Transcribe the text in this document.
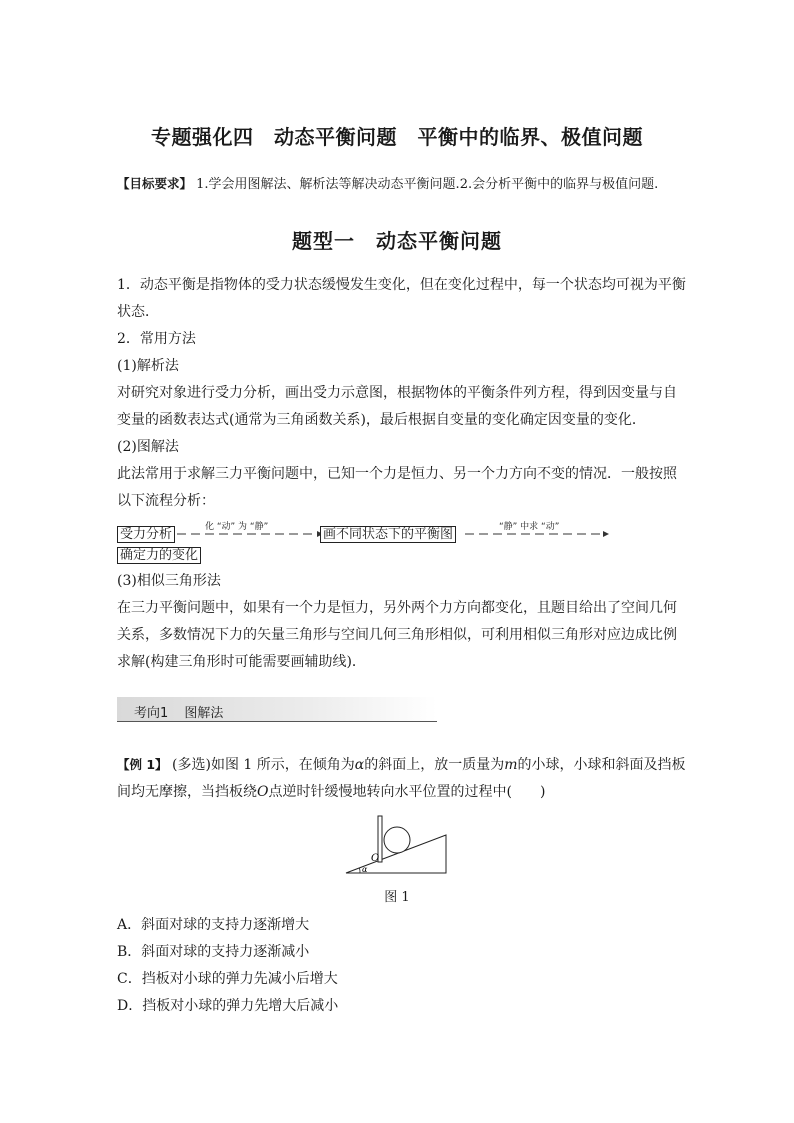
专题强化四　动态平衡问题　平衡中的临界、极值问题
【目标要求】 1.学会用图解法、解析法等解决动态平衡问题.2.会分析平衡中的临界与极值问题.
题型一　动态平衡问题
1．动态平衡是指物体的受力状态缓慢发生变化，但在变化过程中，每一个状态均可视为平衡
状态．
2．常用方法
(1)解析法
对研究对象进行受力分析，画出受力示意图，根据物体的平衡条件列方程，得到因变量与自
变量的函数表达式(通常为三角函数关系)，最后根据自变量的变化确定因变量的变化．
(2)图解法
此法常用于求解三力平衡问题中，已知一个力是恒力、另一个力方向不变的情况．一般按照
以下流程分析：
受力分析	化 “动” 为 “静”	画不同状态下的平衡图	“静” 中求 “动”
确定力的变化
(3)相似三角形法
在三力平衡问题中，如果有一个力是恒力，另外两个力方向都变化，且题目给出了空间几何
关系，多数情况下力的矢量三角形与空间几何三角形相似，可利用相似三角形对应边成比例
求解(构建三角形时可能需要画辅助线)．
考向1 图解法
【例 1】 (多选)如图 1 所示，在倾角为α的斜面上，放一质量为m的小球，小球和斜面及挡板
间均无摩擦，当挡板绕O点逆时针缓慢地转向水平位置的过程中(　　)
O
α
图 1
A．斜面对球的支持力逐渐增大
B．斜面对球的支持力逐渐减小
C．挡板对小球的弹力先减小后增大
D．挡板对小球的弹力先增大后减小
